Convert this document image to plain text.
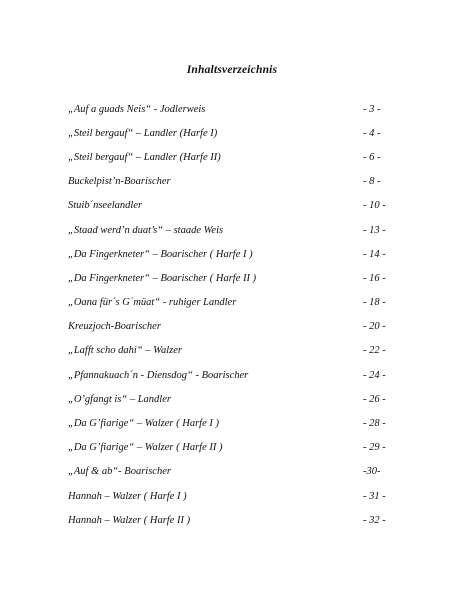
Inhaltsverzeichnis
„Auf a guads Neis“ - Jodlerweis	- 3 -
„Steil bergauf“ – Landler (Harfe I)	- 4 -
„Steil bergauf“ – Landler (Harfe II)	- 6 -
Buckelpist’n-Boarischer	- 8 -
Stuib´nseelandler	- 10 -
„Staad werd’n duat’s“ – staade Weis	- 13 -
„Da Fingerkneter“ – Boarischer ( Harfe I )	- 14 -
„Da Fingerkneter“ – Boarischer ( Harfe II )	- 16 -
„Oana für´s G´müat“ - ruhiger Landler	- 18 -
Kreuzjoch-Boarischer	- 20 -
„Lafft scho dahi“ – Walzer	- 22 -
„Pfannakuach´n - Diensdog“ - Boarischer	- 24 -
„O’gfangt is“ – Landler	- 26 -
„Da G’fiarige“ – Walzer ( Harfe I )	- 28 -
„Da G’fiarige“ – Walzer ( Harfe II )	- 29 -
„Auf & ab“- Boarischer	-30-
Hannah – Walzer ( Harfe I )	- 31 -
Hannah – Walzer ( Harfe II )	- 32 -
